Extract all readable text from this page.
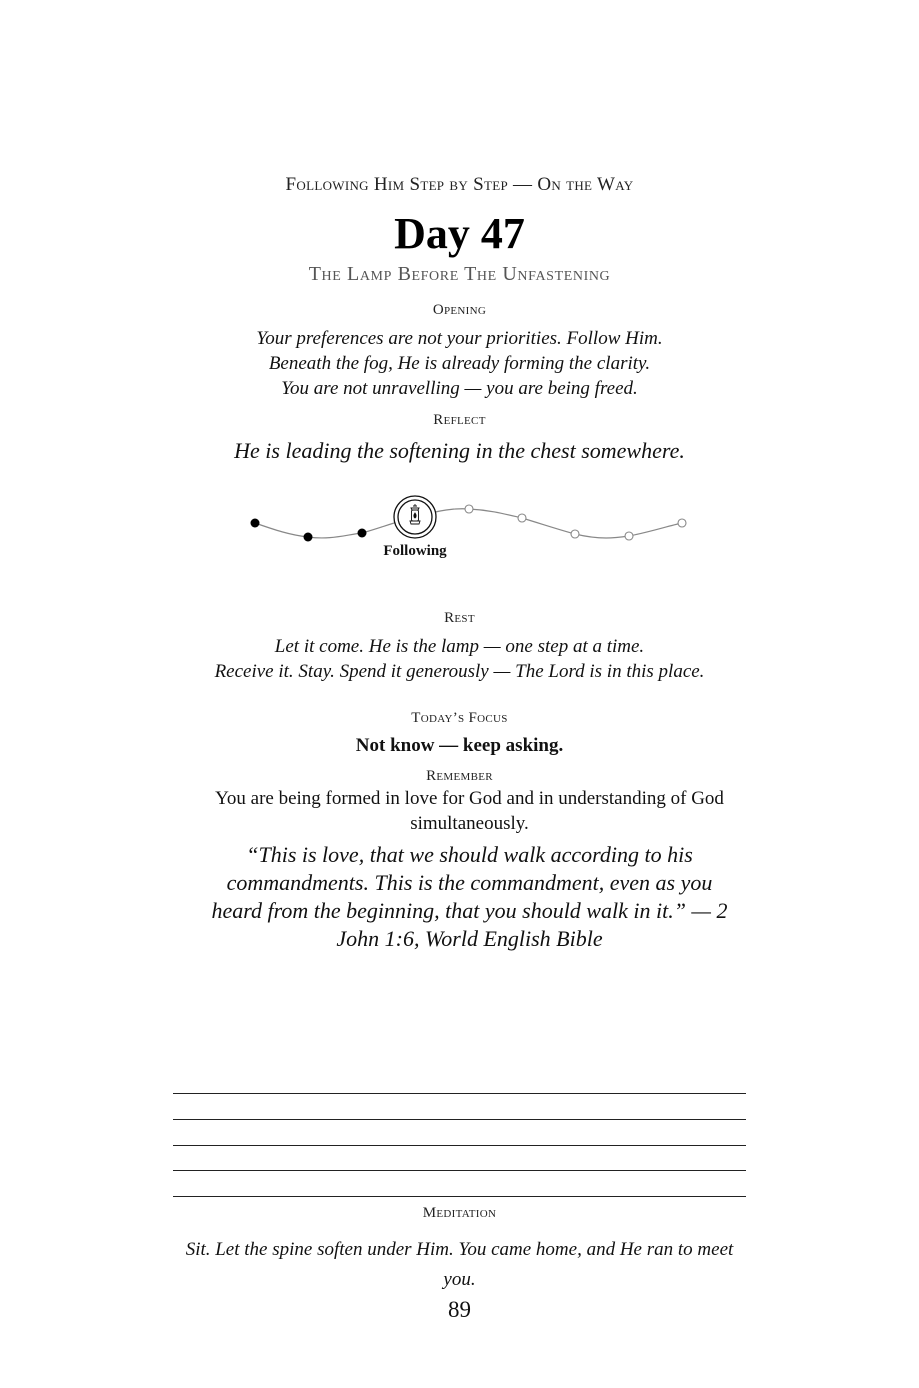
Following Him Step by Step — On the Way
Day 47
The Lamp Before The Unfastening
Opening
Your preferences are not your priorities. Follow Him.
Beneath the fog, He is already forming the clarity.
You are not unravelling — you are being freed.
Reflect
He is leading the softening in the chest somewhere.
Following
Rest
Let it come. He is the lamp — one step at a time.
Receive it. Stay. Spend it generously — The Lord is in this place.
Today’s Focus
Not know — keep asking.
Remember
You are being formed in love for God and in understanding of God simultaneously.
“This is love, that we should walk according to his commandments. This is the commandment, even as you heard from the beginning, that you should walk in it.” — 2 John 1:6, World English Bible
Meditation
Sit. Let the spine soften under Him. You came home, and He ran to meet you.
89
